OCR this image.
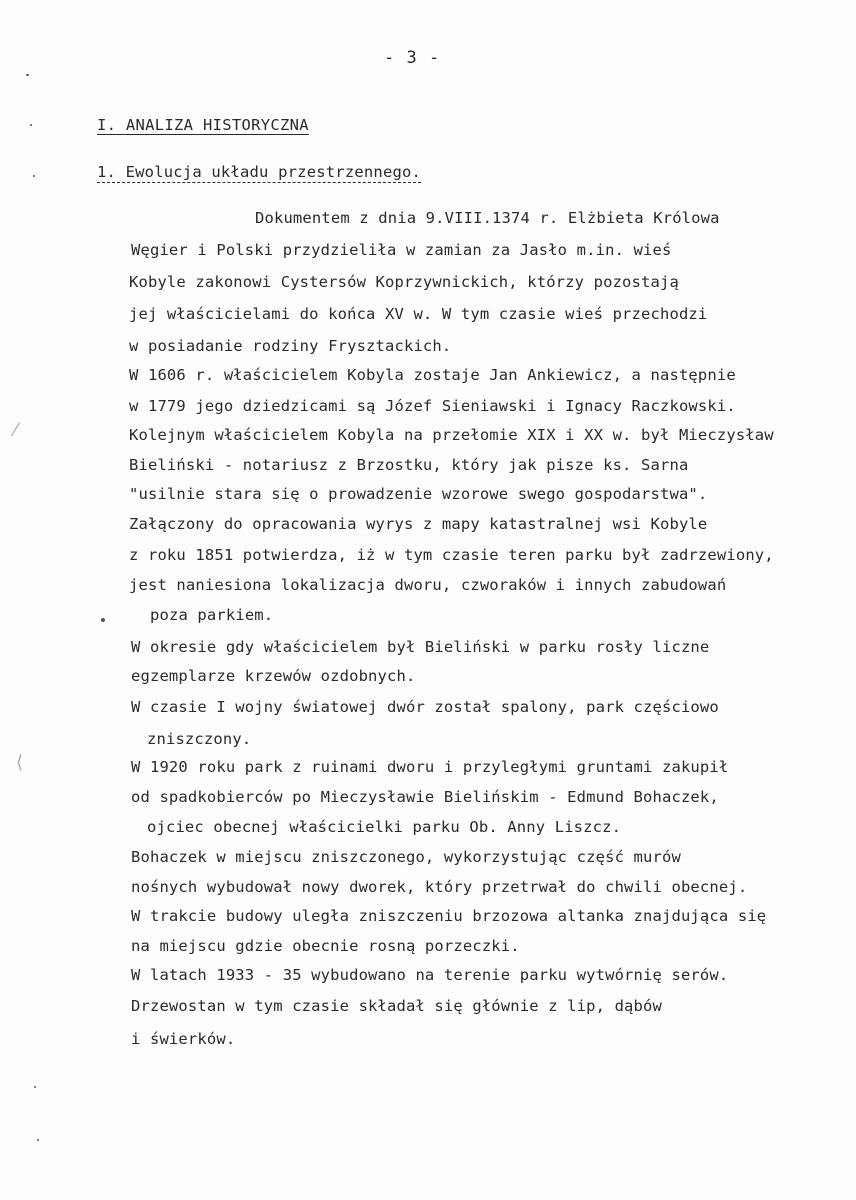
- 3 -
I. ANALIZA HISTORYCZNA
1. Ewolucja układu przestrzennego.
Dokumentem z dnia 9.VIII.1374 r. Elżbieta Królowa
Węgier i Polski przydzieliła w zamian za Jasło m.in. wieś
Kobyle zakonowi Cystersów Koprzywnickich, którzy pozostają
jej właścicielami do końca XV w. W tym czasie wieś przechodzi
w posiadanie rodziny Frysztackich.
W 1606 r. właścicielem Kobyla zostaje Jan Ankiewicz, a następnie
w 1779 jego dziedzicami są Józef Sieniawski i Ignacy Raczkowski.
Kolejnym właścicielem Kobyla na przełomie XIX i XX w. był Mieczysław
Bieliński - notariusz z Brzostku, który jak pisze ks. Sarna
"usilnie stara się o prowadzenie wzorowe swego gospodarstwa".
Załączony do opracowania wyrys z mapy katastralnej wsi Kobyle
z roku 1851 potwierdza, iż w tym czasie teren parku był zadrzewiony,
jest naniesiona lokalizacja dworu, czworaków i innych zabudowań
poza parkiem.
W okresie gdy właścicielem był Bieliński w parku rosły liczne
egzemplarze krzewów ozdobnych.
W czasie I wojny światowej dwór został spalony, park częściowo
zniszczony.
W 1920 roku park z ruinami dworu i przyległymi gruntami zakupił
od spadkobierców po Mieczysławie Bielińskim - Edmund Bohaczek,
ojciec obecnej właścicielki parku Ob. Anny Liszcz.
Bohaczek w miejscu zniszczonego, wykorzystując część murów
nośnych wybudował nowy dworek, który przetrwał do chwili obecnej.
W trakcie budowy uległa zniszczeniu brzozowa altanka znajdująca się
na miejscu gdzie obecnie rosną porzeczki.
W latach 1933 - 35 wybudowano na terenie parku wytwórnię serów.
Drzewostan w tym czasie składał się głównie z lip, dąbów
i świerków.
⁄
⟨
